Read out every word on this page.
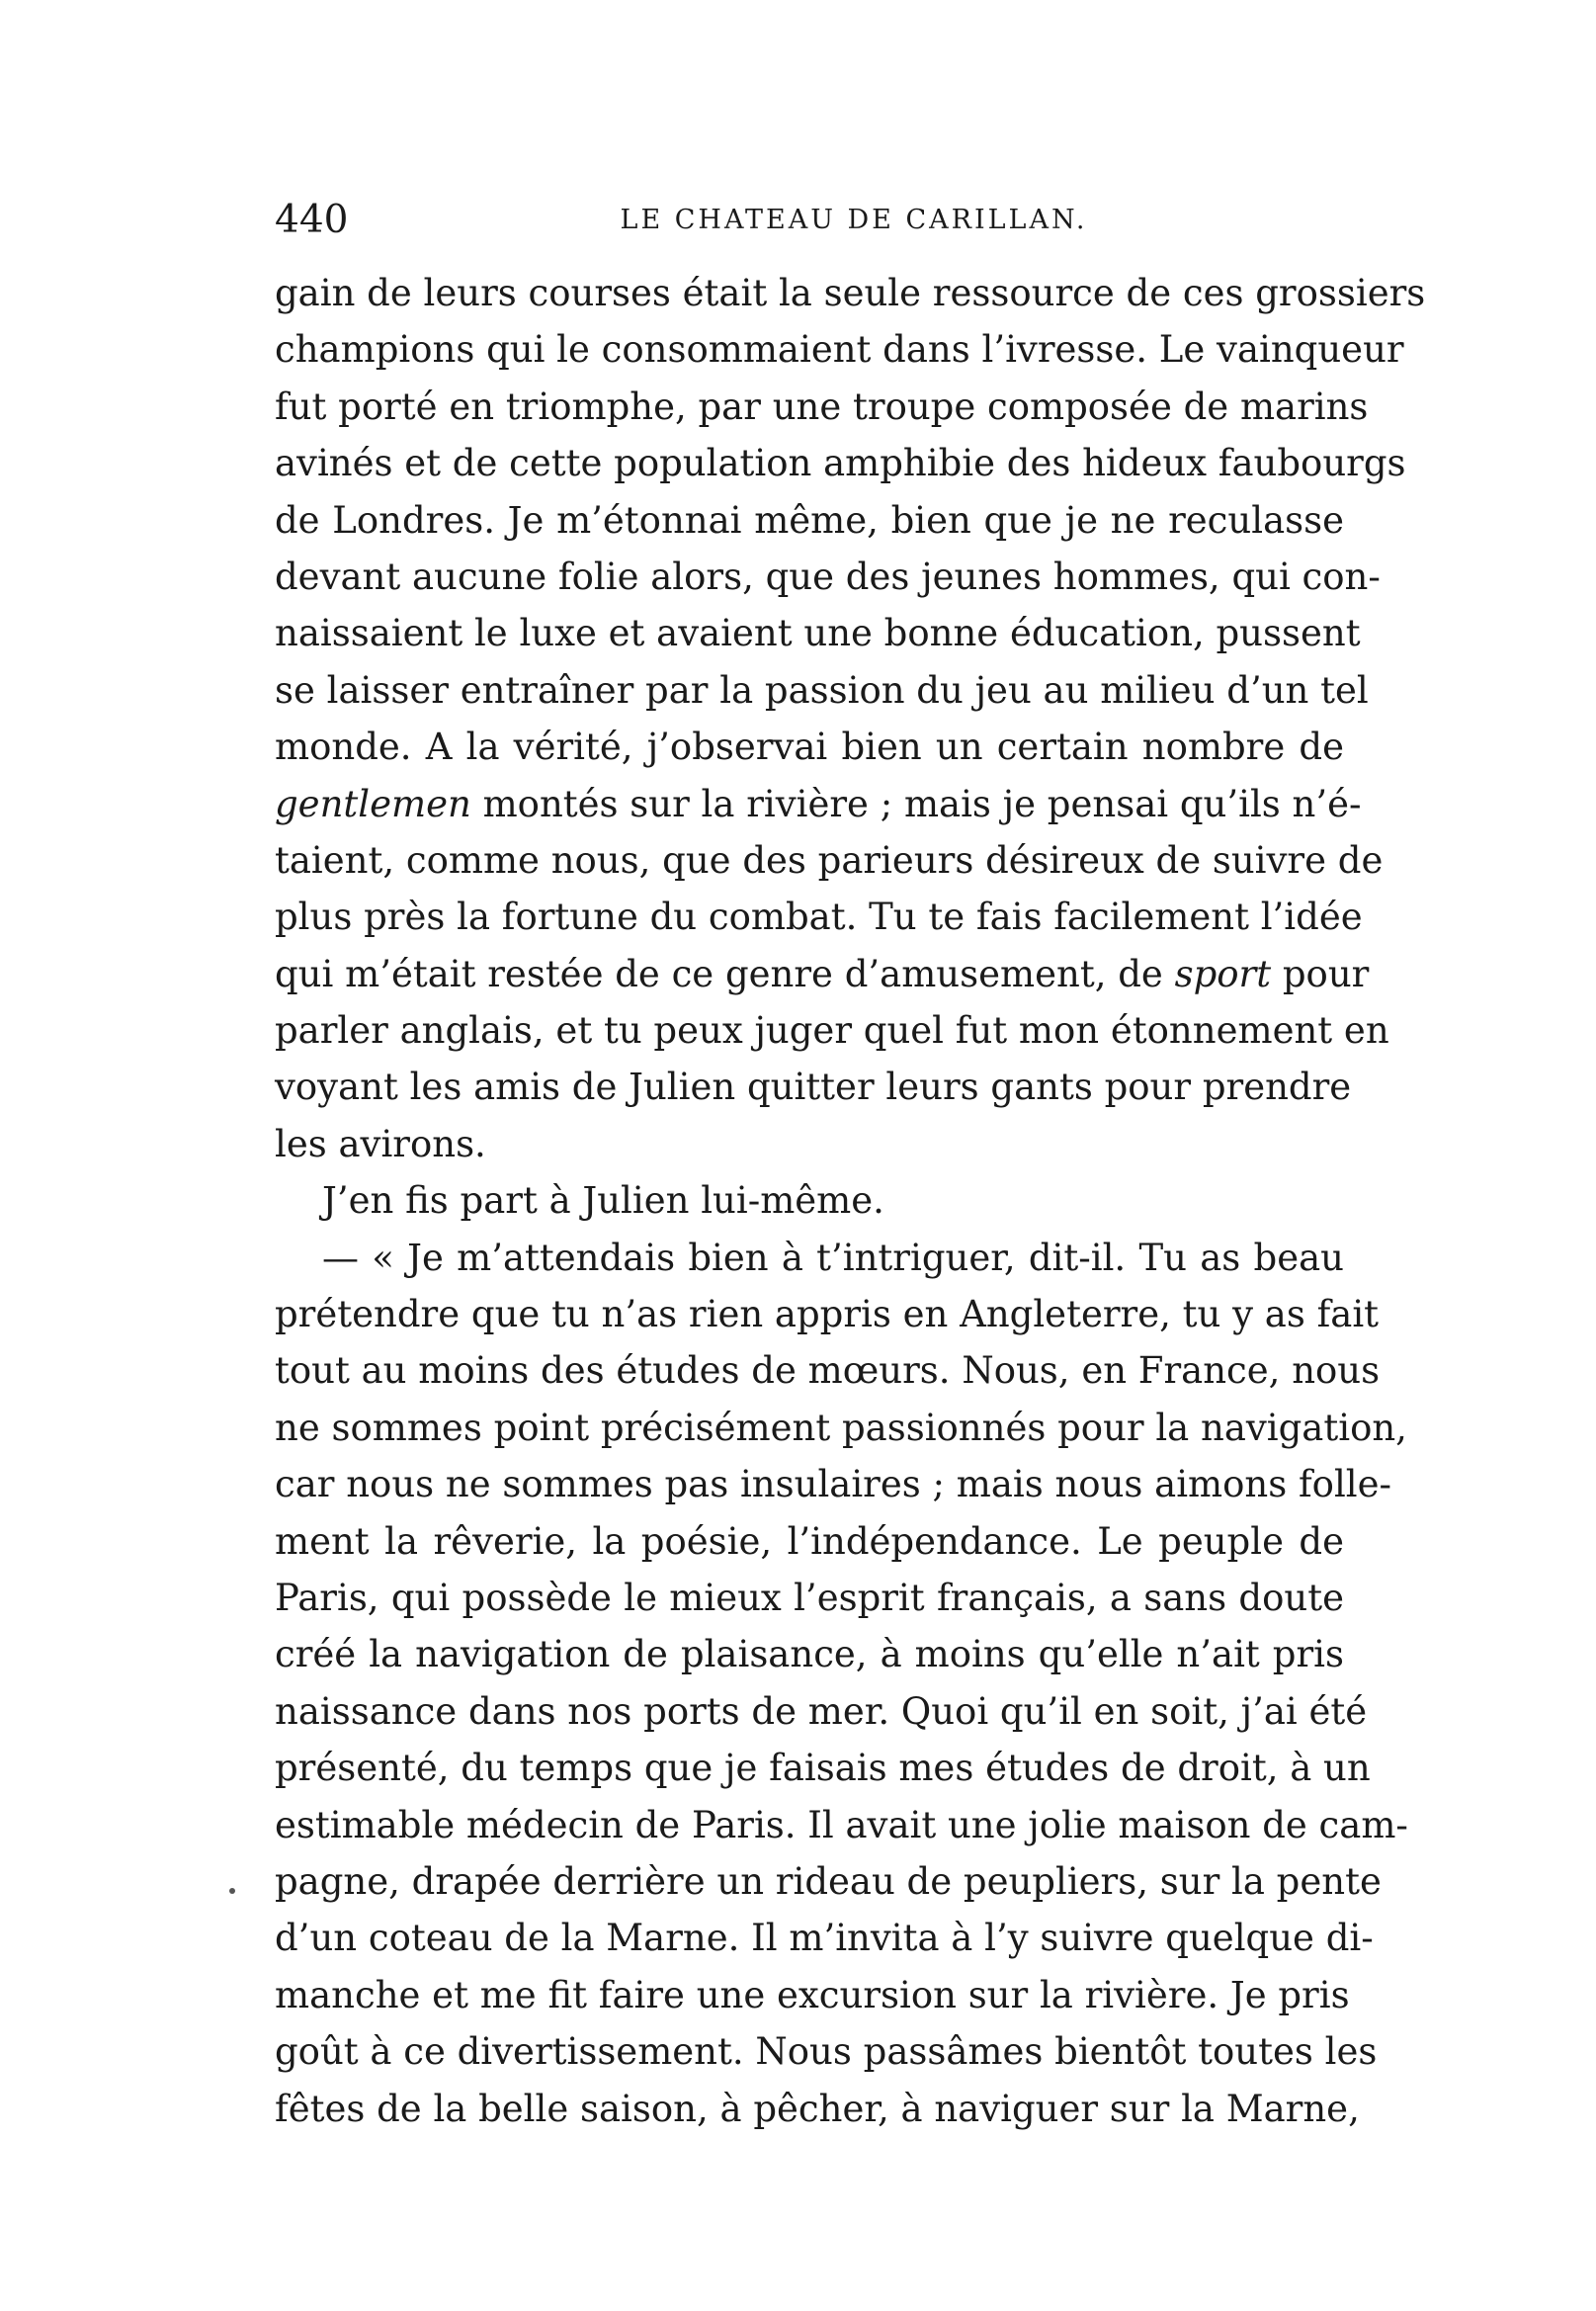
440	LE CHATEAU DE CARILLAN.
gain de leurs courses était la seule ressource de ces grossiers
champions qui le consommaient dans l’ivresse. Le vainqueur
fut porté en triomphe, par une troupe composée de marins
avinés et de cette population amphibie des hideux faubourgs
de Londres. Je m’étonnai même, bien que je ne reculasse
devant aucune folie alors, que des jeunes hommes, qui con-
naissaient le luxe et avaient une bonne éducation, pussent
se laisser entraîner par la passion du jeu au milieu d’un tel
monde. A la vérité, j’observai bien un certain nombre de
gentlemen montés sur la rivière ; mais je pensai qu’ils n’é-
taient, comme nous, que des parieurs désireux de suivre de
plus près la fortune du combat. Tu te fais facilement l’idée
qui m’était restée de ce genre d’amusement, de sport pour
parler anglais, et tu peux juger quel fut mon étonnement en
voyant les amis de Julien quitter leurs gants pour prendre
les avirons.
J’en fis part à Julien lui-même.
— « Je m’attendais bien à t’intriguer, dit-il. Tu as beau
prétendre que tu n’as rien appris en Angleterre, tu y as fait
tout au moins des études de mœurs. Nous, en France, nous
ne sommes point précisément passionnés pour la navigation,
car nous ne sommes pas insulaires ; mais nous aimons folle-
ment la rêverie, la poésie, l’indépendance. Le peuple de
Paris, qui possède le mieux l’esprit français, a sans doute
créé la navigation de plaisance, à moins qu’elle n’ait pris
naissance dans nos ports de mer. Quoi qu’il en soit, j’ai été
présenté, du temps que je faisais mes études de droit, à un
estimable médecin de Paris. Il avait une jolie maison de cam-
pagne, drapée derrière un rideau de peupliers, sur la pente
d’un coteau de la Marne. Il m’invita à l’y suivre quelque di-
manche et me fit faire une excursion sur la rivière. Je pris
goût à ce divertissement. Nous passâmes bientôt toutes les
fêtes de la belle saison, à pêcher, à naviguer sur la Marne,
